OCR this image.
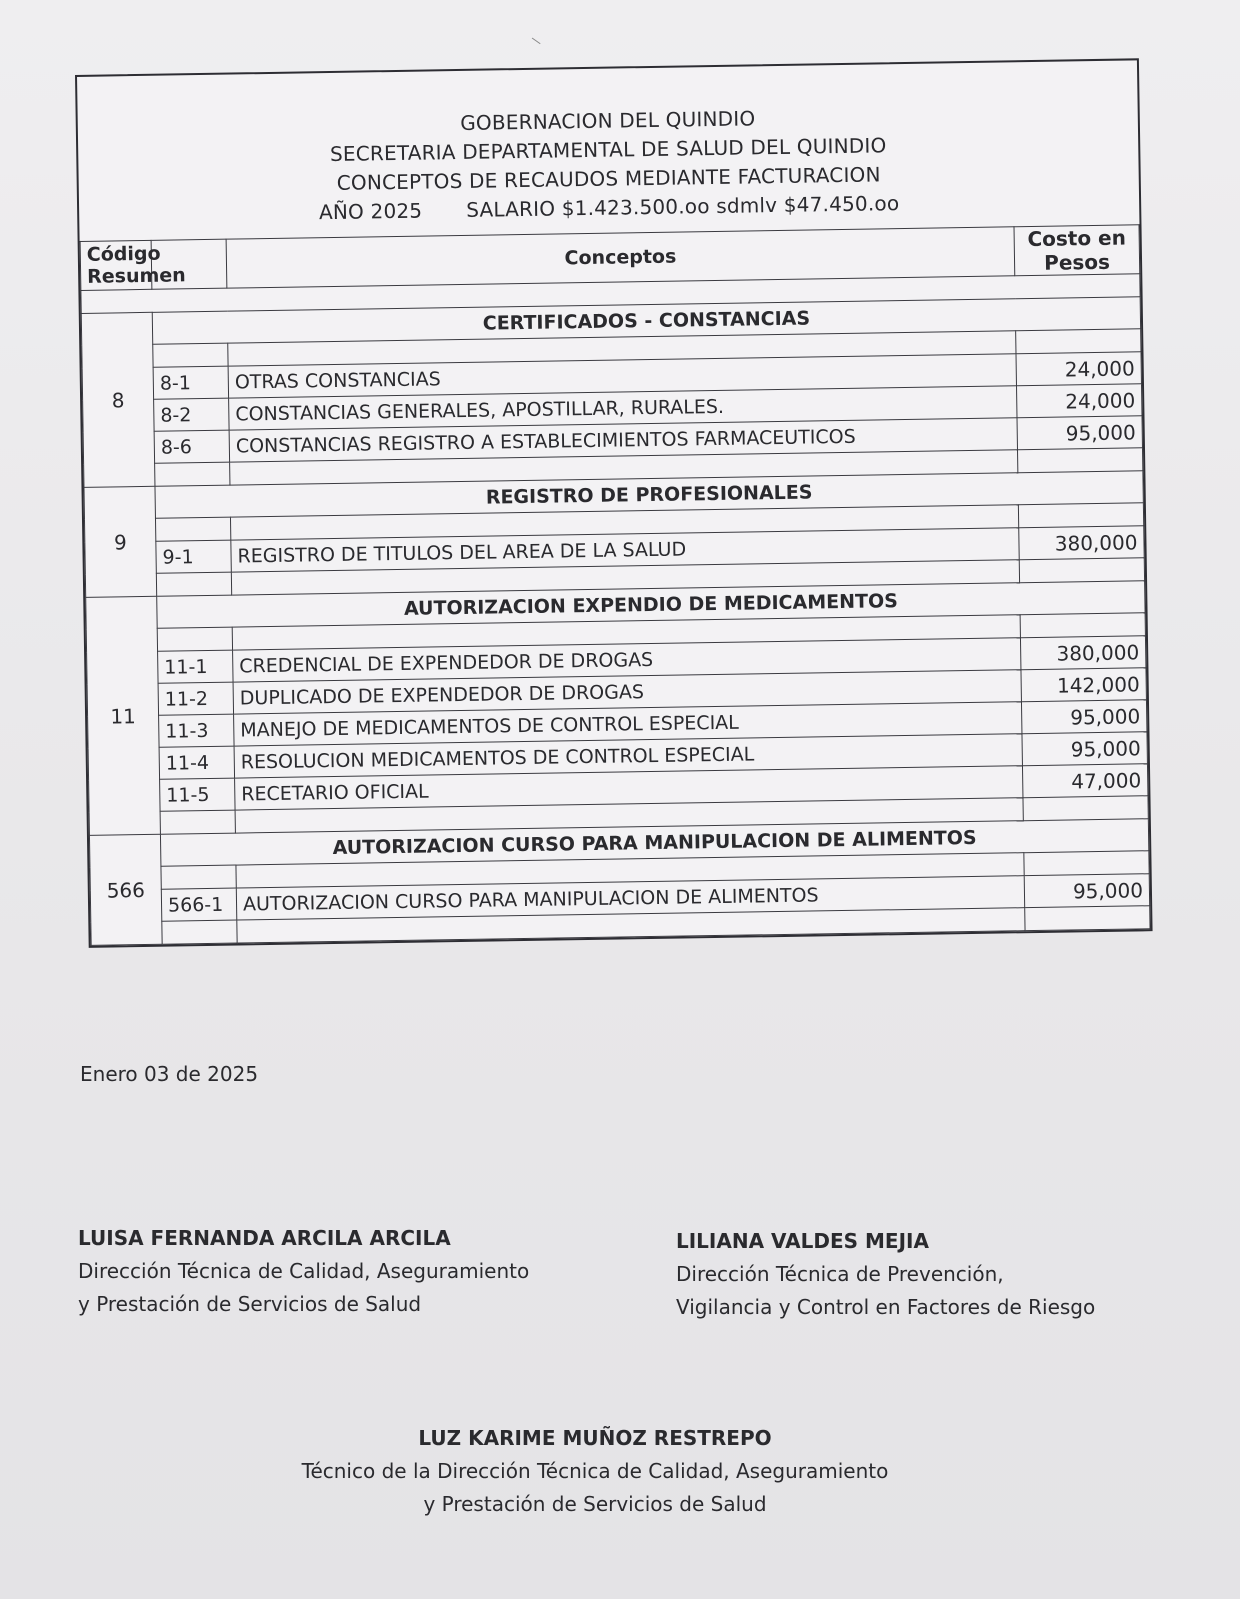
GOBERNACION DEL QUINDIO
SECRETARIA DEPARTAMENTAL DE SALUD DEL QUINDIO
CONCEPTOS DE RECAUDOS MEDIANTE FACTURACION
AÑO 2025 SALARIO $1.423.500.oo sdmlv $47.450.oo
Código Resumen		Conceptos	Costo en Pesos

8	CERTIFICADOS - CONSTANCIAS		

	8-1	OTRAS CONSTANCIAS	24,000
	8-2	CONSTANCIAS GENERALES, APOSTILLAR, RURALES.	24,000
	8-6	CONSTANCIAS REGISTRO A ESTABLECIMIENTOS FARMACEUTICOS	95,000

9	REGISTRO DE PROFESIONALES		

	9-1	REGISTRO DE TITULOS DEL AREA DE LA SALUD	380,000

11	AUTORIZACION EXPENDIO DE MEDICAMENTOS		

	11-1	CREDENCIAL DE EXPENDEDOR DE DROGAS	380,000
	11-2	DUPLICADO DE EXPENDEDOR DE DROGAS	142,000
	11-3	MANEJO DE MEDICAMENTOS DE CONTROL ESPECIAL	95,000
	11-4	RESOLUCION MEDICAMENTOS DE CONTROL ESPECIAL	95,000
	11-5	RECETARIO OFICIAL	47,000

566	AUTORIZACION CURSO PARA MANIPULACION DE ALIMENTOS		

	566-1	AUTORIZACION CURSO PARA MANIPULACION DE ALIMENTOS	95,000

Enero 03 de 2025
LUISA FERNANDA ARCILA ARCILA
Dirección Técnica de Calidad, Aseguramiento
y Prestación de Servicios de Salud
LILIANA VALDES MEJIA
Dirección Técnica de Prevención,
Vigilancia y Control en Factores de Riesgo
LUZ KARIME MUÑOZ RESTREPO
Técnico de la Dirección Técnica de Calidad, Aseguramiento
y Prestación de Servicios de Salud
